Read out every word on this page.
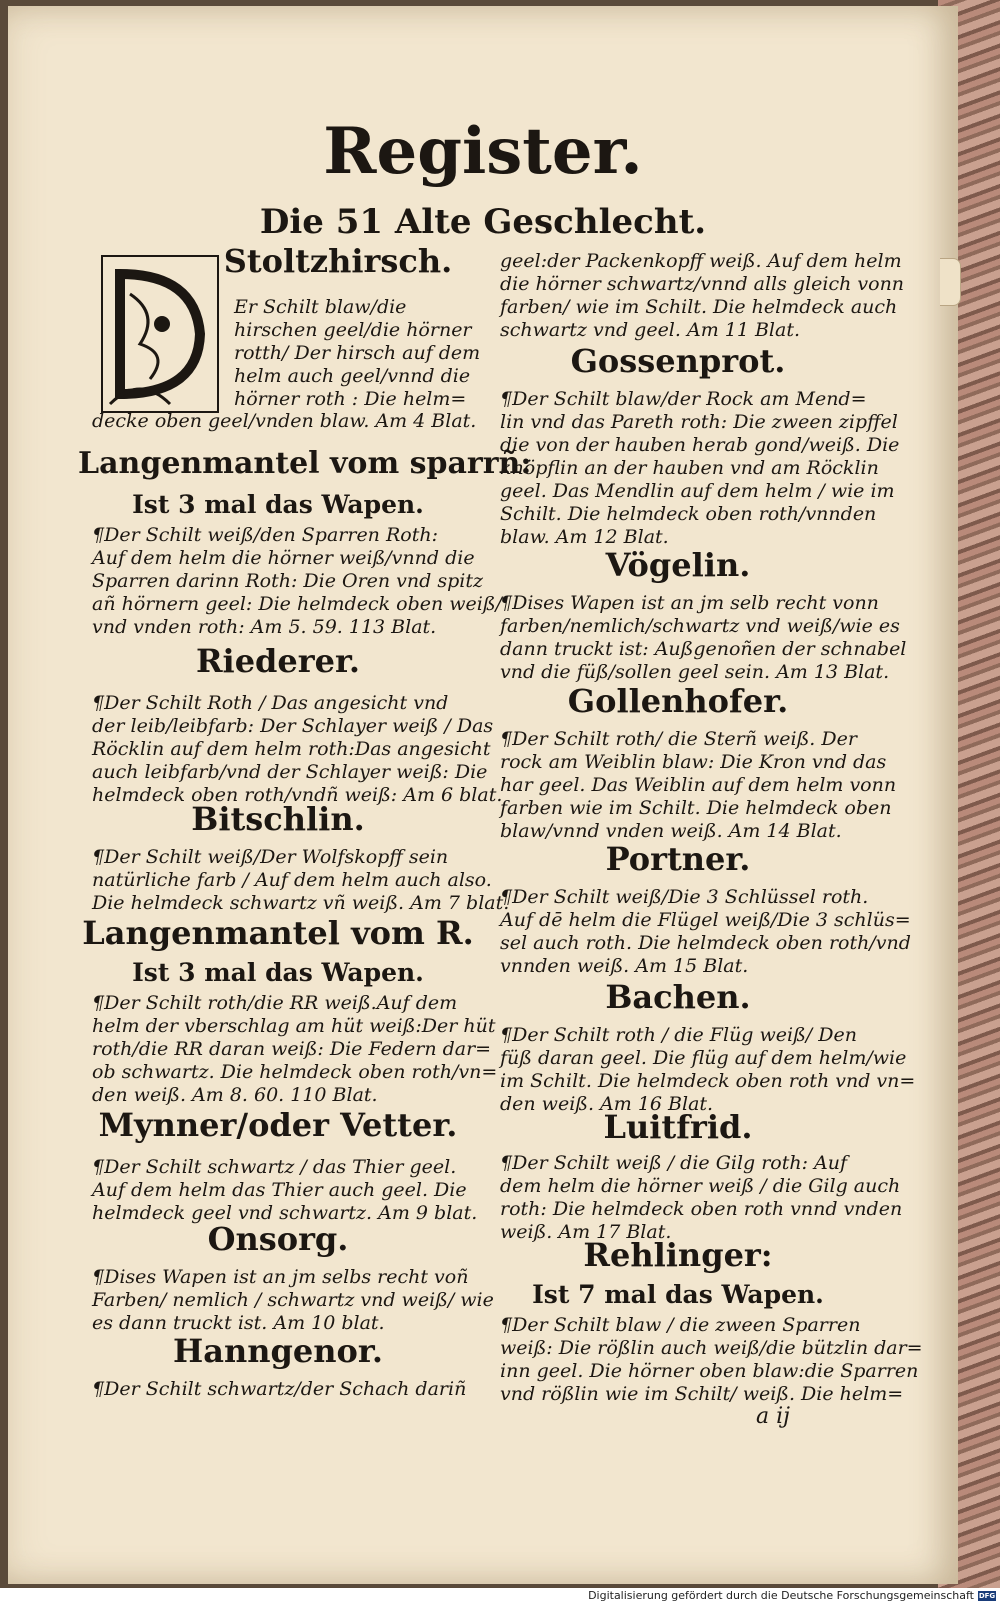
Register.
Die 51 Alte Geschlecht.
Stoltzhirsch.
Er Schilt blaw/die
hirschen geel/die hörner
rotth/ Der hirsch auf dem
helm auch geel/vnnd die
hörner roth : Die helm=
decke oben geel/vnden blaw. Am 4 Blat.
Langenmantel vom sparrñ:
Ist 3 mal das Wapen.
¶Der Schilt weiß/den Sparren Roth:
Auf dem helm die hörner weiß/vnnd die
Sparren darinn Roth: Die Oren vnd spitz
añ hörnern geel: Die helmdeck oben weiß/
vnd vnden roth: Am 5. 59. 113 Blat.
Riederer.
¶Der Schilt Roth / Das angesicht vnd
der leib/leibfarb: Der Schlayer weiß / Das
Röcklin auf dem helm roth:Das angesicht
auch leibfarb/vnd der Schlayer weiß: Die
helmdeck oben roth/vndñ weiß: Am 6 blat.
Bitschlin.
¶Der Schilt weiß/Der Wolfskopff sein
natürliche farb / Auf dem helm auch also.
Die helmdeck schwartz vñ weiß. Am 7 blat.
Langenmantel vom R.
Ist 3 mal das Wapen.
¶Der Schilt roth/die RR weiß.Auf dem
helm der vberschlag am hüt weiß:Der hüt
roth/die RR daran weiß: Die Federn dar=
ob schwartz. Die helmdeck oben roth/vn=
den weiß. Am 8. 60. 110 Blat.
Mynner/oder Vetter.
¶Der Schilt schwartz / das Thier geel.
Auf dem helm das Thier auch geel. Die
helmdeck geel vnd schwartz. Am 9 blat.
Onsorg.
¶Dises Wapen ist an jm selbs recht voñ
Farben/ nemlich / schwartz vnd weiß/ wie
es dann truckt ist. Am 10 blat.
Hanngenor.
¶Der Schilt schwartz/der Schach dariñ
geel:der Packenkopff weiß. Auf dem helm
die hörner schwartz/vnnd alls gleich vonn
farben/ wie im Schilt. Die helmdeck auch
schwartz vnd geel. Am 11 Blat.
Gossenprot.
¶Der Schilt blaw/der Rock am Mend=
lin vnd das Pareth roth: Die zween zipffel
die von der hauben herab gond/weiß. Die
knöpflin an der hauben vnd am Röcklin
geel. Das Mendlin auf dem helm / wie im
Schilt. Die helmdeck oben roth/vnnden
blaw. Am 12 Blat.
Vögelin.
¶Dises Wapen ist an jm selb recht vonn
farben/nemlich/schwartz vnd weiß/wie es
dann truckt ist: Außgenoñen der schnabel
vnd die füß/sollen geel sein. Am 13 Blat.
Gollenhofer.
¶Der Schilt roth/ die Sterñ weiß. Der
rock am Weiblin blaw: Die Kron vnd das
har geel. Das Weiblin auf dem helm vonn
farben wie im Schilt. Die helmdeck oben
blaw/vnnd vnden weiß. Am 14 Blat.
Portner.
¶Der Schilt weiß/Die 3 Schlüssel roth.
Auf dē helm die Flügel weiß/Die 3 schlüs=
sel auch roth. Die helmdeck oben roth/vnd
vnnden weiß. Am 15 Blat.
Bachen.
¶Der Schilt roth / die Flüg weiß/ Den
füß daran geel. Die flüg auf dem helm/wie
im Schilt. Die helmdeck oben roth vnd vn=
den weiß. Am 16 Blat.
Luitfrid.
¶Der Schilt weiß / die Gilg roth: Auf
dem helm die hörner weiß / die Gilg auch
roth: Die helmdeck oben roth vnnd vnden
weiß. Am 17 Blat.
Rehlinger:
Ist 7 mal das Wapen.
¶Der Schilt blaw / die zween Sparren
weiß: Die rößlin auch weiß/die bützlin dar=
inn geel. Die hörner oben blaw:die Sparren
vnd rößlin wie im Schilt/ weiß. Die helm=
a ij
Digitalisierung gefördert durch die Deutsche Forschungsgemeinschaft DFG
